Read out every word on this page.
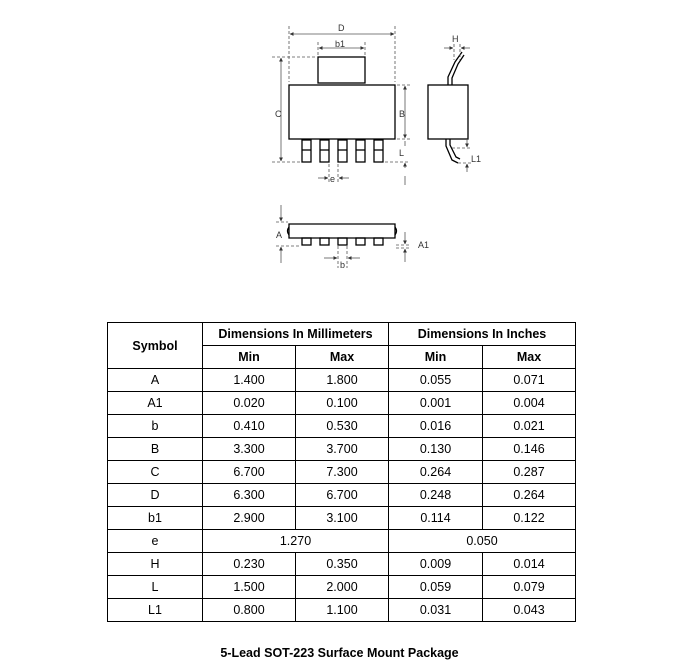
D
b1
C	B
L
e
H
L1
A
A1
b
Symbol	Dimensions In Millimeters		Dimensions In Inches	
	Min	Max	Min	Max
A	1.400	1.800	0.055	0.071
A1	0.020	0.100	0.001	0.004
b	0.410	0.530	0.016	0.021
B	3.300	3.700	0.130	0.146
C	6.700	7.300	0.264	0.287
D	6.300	6.700	0.248	0.264
b1	2.900	3.100	0.114	0.122
e	1.270		0.050	
H	0.230	0.350	0.009	0.014
L	1.500	2.000	0.059	0.079
L1	0.800	1.100	0.031	0.043
5-Lead SOT-223 Surface Mount Package
